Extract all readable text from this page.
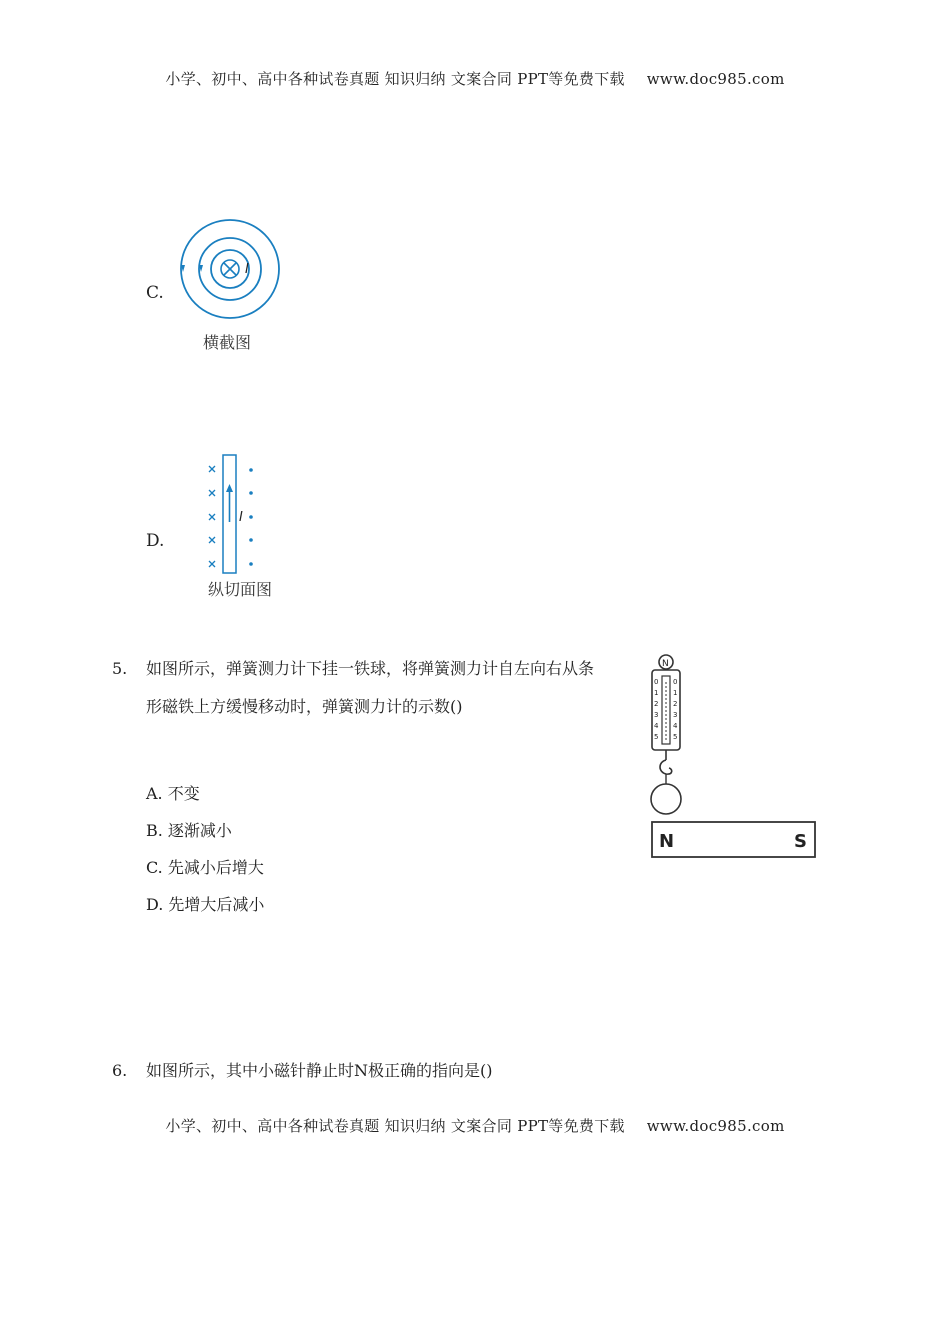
小学、初中、高中各种试卷真题 知识归纳 文案合同 PPT等免费下载 www.doc985.com
C.
I
横截图
D.
I
纵切面图
5. 如图所示，弹簧测力计下挂一铁球，将弹簧测力计自左向右从条
形磁铁上方缓慢移动时，弹簧测力计的示数()
A. 不变
B. 逐渐减小
C. 先减小后增大
D. 先增大后减小
N
0
1
2
3
4
5
0
1
2
3
4
5
N	S
6. 如图所示，其中小磁针静止时N极正确的指向是()
小学、初中、高中各种试卷真题 知识归纳 文案合同 PPT等免费下载 www.doc985.com
